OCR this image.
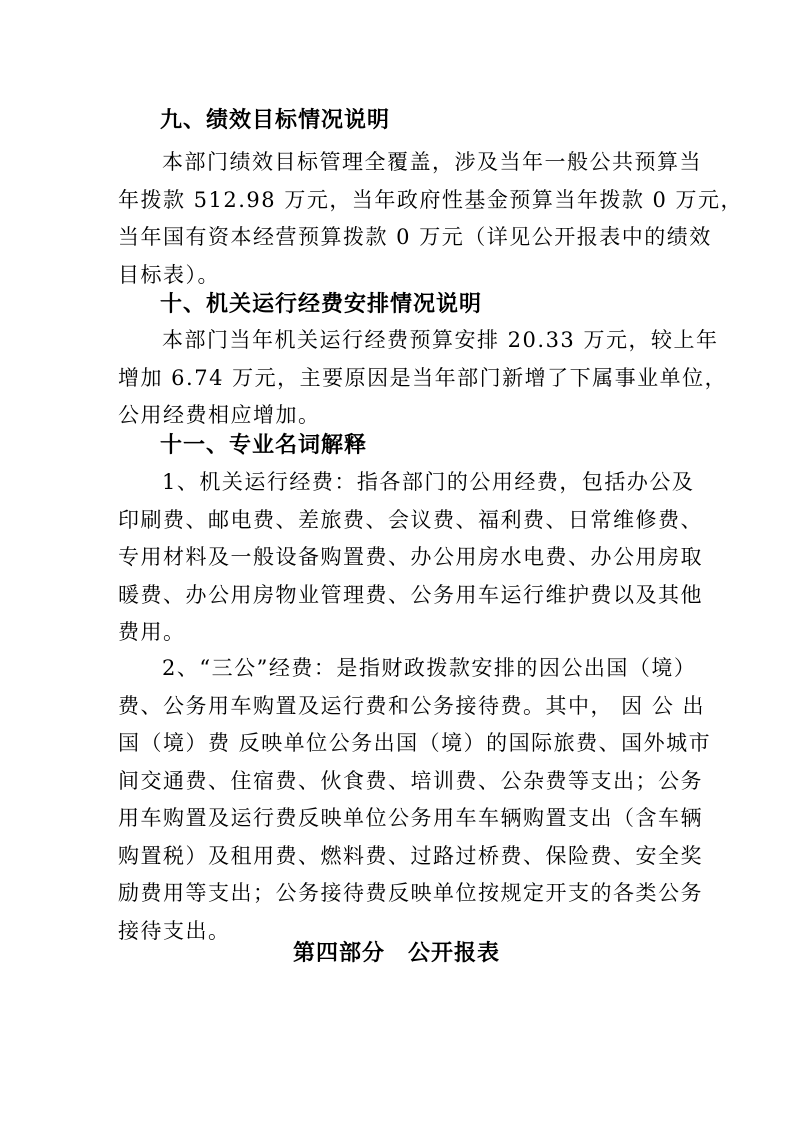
九、绩效目标情况说明

本部门绩效目标管理全覆盖，涉及当年一般公共预算当
年拨款 512.98 万元，当年政府性基金预算当年拨款 0 万元，
当年国有资本经营预算拨款 0 万元（详见公开报表中的绩效
目标表）。

十、机关运行经费安排情况说明

本部门当年机关运行经费预算安排 20.33 万元，较上年
增加 6.74 万元，主要原因是当年部门新增了下属事业单位，
公用经费相应增加。

十一、专业名词解释

1、机关运行经费：指各部门的公用经费，包括办公及
印刷费、邮电费、差旅费、会议费、福利费、日常维修费、
专用材料及一般设备购置费、办公用房水电费、办公用房取
暖费、办公用房物业管理费、公务用车运行维护费以及其他
费用。

2、“三公”经费：是指财政拨款安排的因公出国（境）
费、公务用车购置及运行费和公务接待费。其中， 因 公 出
国（境）费 反映单位公务出国（境）的国际旅费、国外城市
间交通费、住宿费、伙食费、培训费、公杂费等支出；公务
用车购置及运行费反映单位公务用车车辆购置支出（含车辆
购置税）及租用费、燃料费、过路过桥费、保险费、安全奖
励费用等支出；公务接待费反映单位按规定开支的各类公务
接待支出。

第四部分　公开报表
